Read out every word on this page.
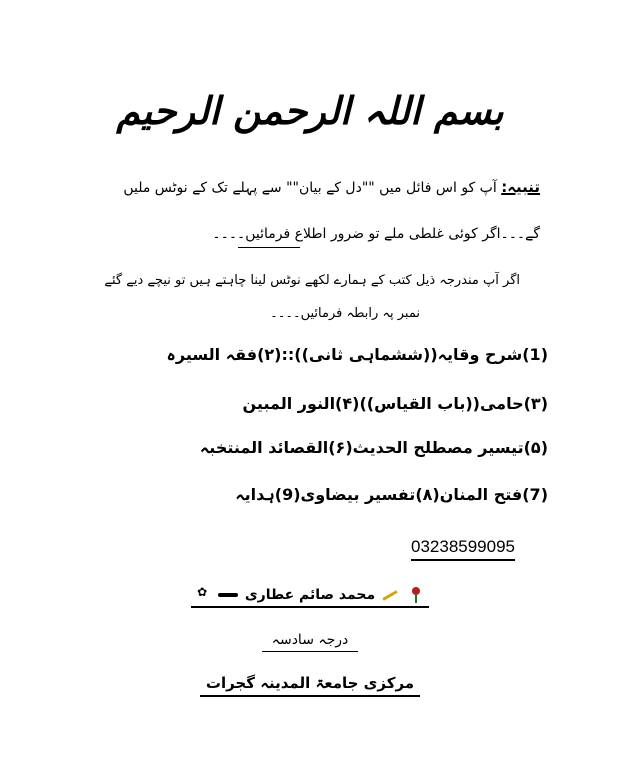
بسم اللہ الرحمن الرحیم
تنبیہ: آپ کو اس فائل میں ""دل کے بیان"" سے پہلے تک کے نوٹس ملیں
گے۔۔۔اگر کوئی غلطی ملے تو ضرور اطلاع فرمائیں۔۔۔۔
اگر آپ مندرجہ ذیل کتب کے ہمارے لکھے نوٹس لینا چاہتے ہیں تو نیچے دیے گئے
نمبر پہ رابطہ فرمائیں۔۔۔۔
(1)شرح وقایہ((ششماہی ثانی))::(۲)فقہ السیرہ
(۳)حامی((باب القیاس))(۴)النور المبین
(۵)تیسیر مصطلح الحدیث(۶)القصائد المنتخبہ
(7)فتح المنان(۸)تفسیر بیضاوی(9)ہدایہ
03238599095
محمد صائم عطاری  ✿
درجہ سادسہ
مرکزی جامعۃ المدینہ گجرات
